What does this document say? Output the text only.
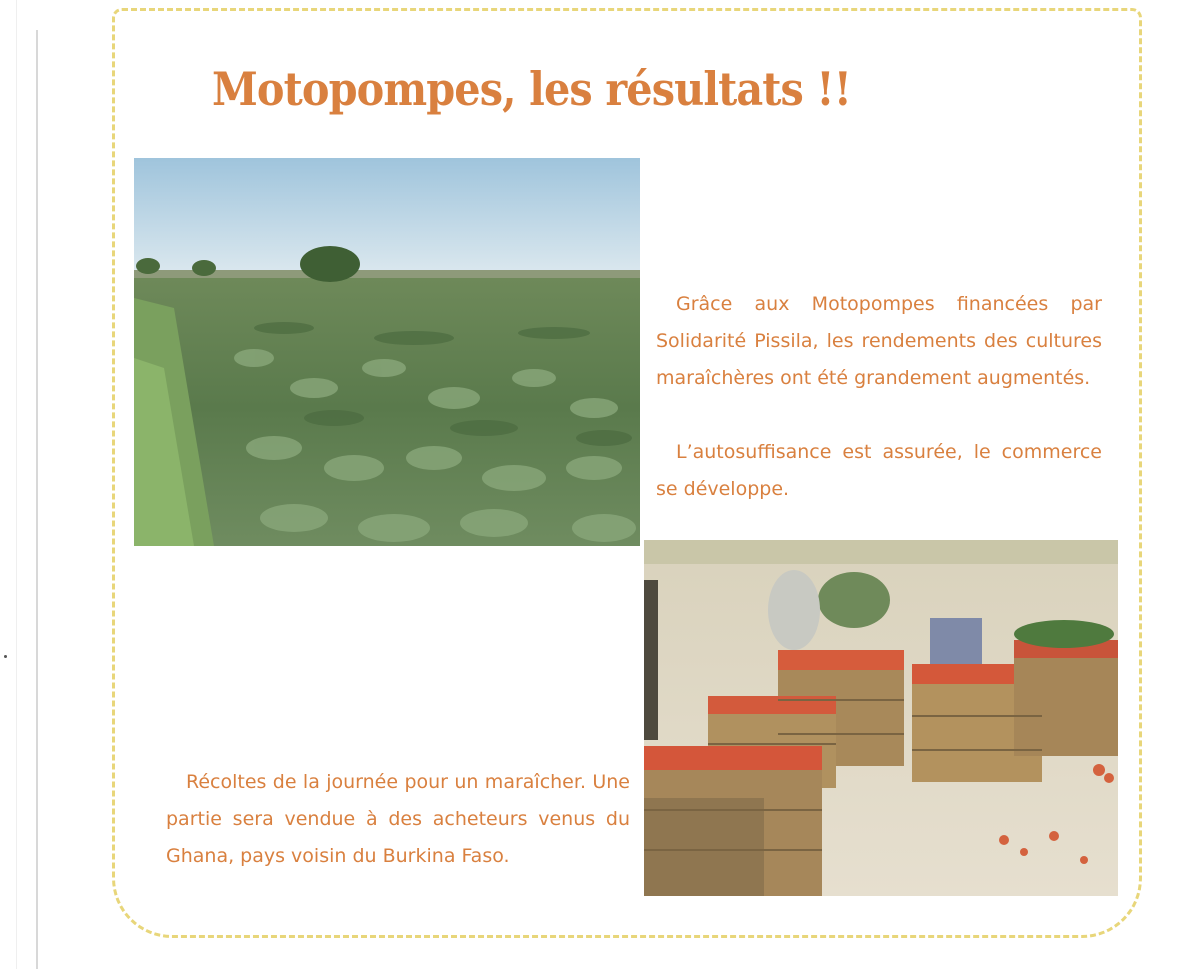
Motopompes, les résultats !!

Grâce aux Motopompes financées par Solidarité Pissila, les rendements des cultures maraîchères ont été grandement augmentés.

L’autosuffisance est assurée, le commerce se développe.

Récoltes de la journée pour un maraîcher. Une partie sera vendue à des acheteurs venus du Ghana, pays voisin du Burkina Faso.
